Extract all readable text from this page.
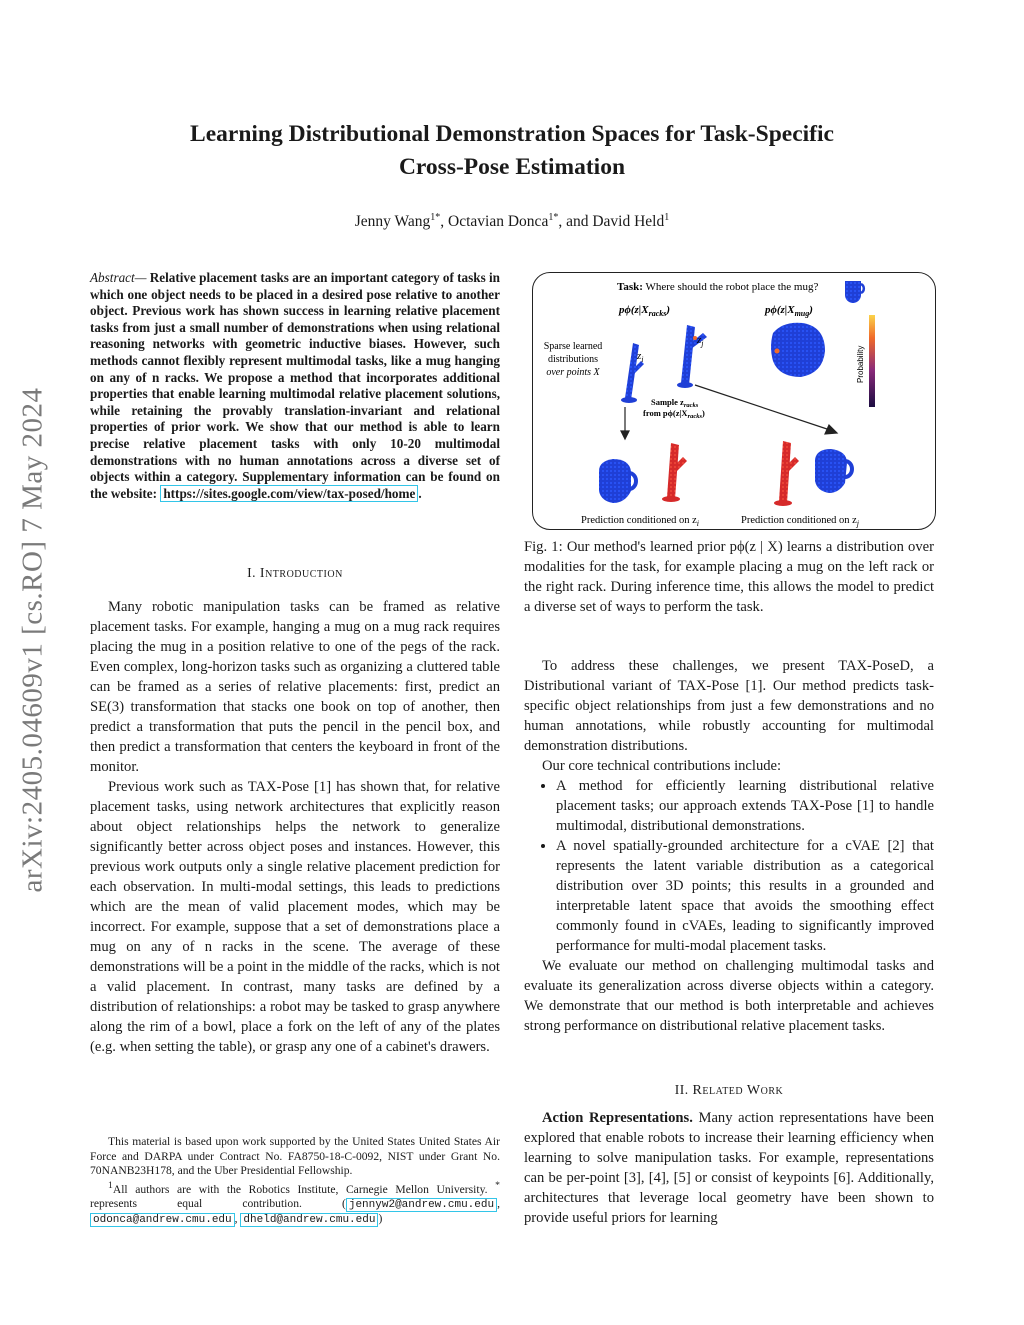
arXiv:2405.04609v1 [cs.RO] 7 May 2024
Learning Distributional Demonstration Spaces for Task-Specific
Cross-Pose Estimation
Jenny Wang$^{1*}$, Octavian Donca$^{1*}$, and David Held$^1$
Abstract— Relative placement tasks are an important category of tasks in which one object needs to be placed in a desired pose relative to another object. Previous work has shown success in learning relative placement tasks from just a small number of demonstrations when using relational reasoning networks with geometric inductive biases. However, such methods cannot flexibly represent multimodal tasks, like a mug hanging on any of n racks. We propose a method that incorporates additional properties that enable learning multimodal relative placement solutions, while retaining the provably translation-invariant and relational properties of prior work. We show that our method is able to learn precise relative placement tasks with only 10-20 multimodal demonstrations with no human annotations across a diverse set of objects within a category. Supplementary information can be found on the website: https://sites.google.com/view/tax-posed/home .
I. Introduction

Many robotic manipulation tasks can be framed as relative placement tasks. For example, hanging a mug on a mug rack requires placing the mug in a position relative to one of the pegs of the rack. Even complex, long-horizon tasks such as organizing a cluttered table can be framed as a series of relative placements: first, predict an SE(3) transformation that stacks one book on top of another, then predict a transformation that puts the pencil in the pencil box, and then predict a transformation that centers the keyboard in front of the monitor.

Previous work such as TAX-Pose [1] has shown that, for relative placement tasks, using network architectures that explicitly reason about object relationships helps the network to generalize significantly better across object poses and instances. However, this previous work outputs only a single relative placement prediction for each observation. In multi-modal settings, this leads to predictions which are the mean of valid placement modes, which may be incorrect. For example, suppose that a set of demonstrations place a mug on any of n racks in the scene. The average of these demonstrations will be a point in the middle of the racks, which is not a valid placement. In contrast, many tasks are defined by a distribution of relationships: a robot may be tasked to grasp anywhere along the rim of a bowl, place a fork on the left of any of the plates (e.g. when setting the table), or grasp any one of a cabinet's drawers.

This material is based upon work supported by the United States United States Air Force and DARPA under Contract No. FA8750-18-C-0092, NIST under Grant No. 70NANB23H178, and the Uber Presidential Fellowship.

$^1$All authors are with the Robotics Institute, Carnegie Mellon University. * represents equal contribution. ( jennyw2@andrew.cmu.edu , odonca@andrew.cmu.edu , dheld@andrew.cmu.edu )

Task: Where should the robot place the mug?
$p\phi(z|X_{racks})$	$p\phi(z|X_{mug})$
Sparse learned
distributions
over points X
$z_i$
$z_j$
Probability
Sample $z_{racks}$
from $p\phi(z|X_{racks})$
Prediction conditioned on $z_i$	Prediction conditioned on $z_j$
Fig. 1: Our method's learned prior pϕ(z | X) learns a distribution over modalities for the task, for example placing a mug on the left rack or the right rack. During inference time, this allows the model to predict a diverse set of ways to perform the task.

To address these challenges, we present TAX-PoseD, a Distributional variant of TAX-Pose [1]. Our method predicts task-specific object relationships from just a few demonstrations and no human annotations, while robustly accounting for multimodal demonstration distributions.

Our core technical contributions include:

• A method for efficiently learning distributional relative placement tasks; our approach extends TAX-Pose [1] to handle multimodal, distributional demonstrations.
• A novel spatially-grounded architecture for a cVAE [2] that represents the latent variable distribution as a categorical distribution over 3D points; this results in a grounded and interpretable latent space that avoids the smoothing effect commonly found in cVAEs, leading to significantly improved performance for multi-modal placement tasks.

We evaluate our method on challenging multimodal tasks and evaluate its generalization across diverse objects within a category. We demonstrate that our method is both interpretable and achieves strong performance on distributional relative placement tasks.

II. Related Work

Action Representations. Many action representations have been explored that enable robots to increase their learning efficiency when learning to solve manipulation tasks. For example, representations can be per-point [3], [4], [5] or consist of keypoints [6]. Additionally, architectures that leverage local geometry have been shown to provide useful priors for learning
